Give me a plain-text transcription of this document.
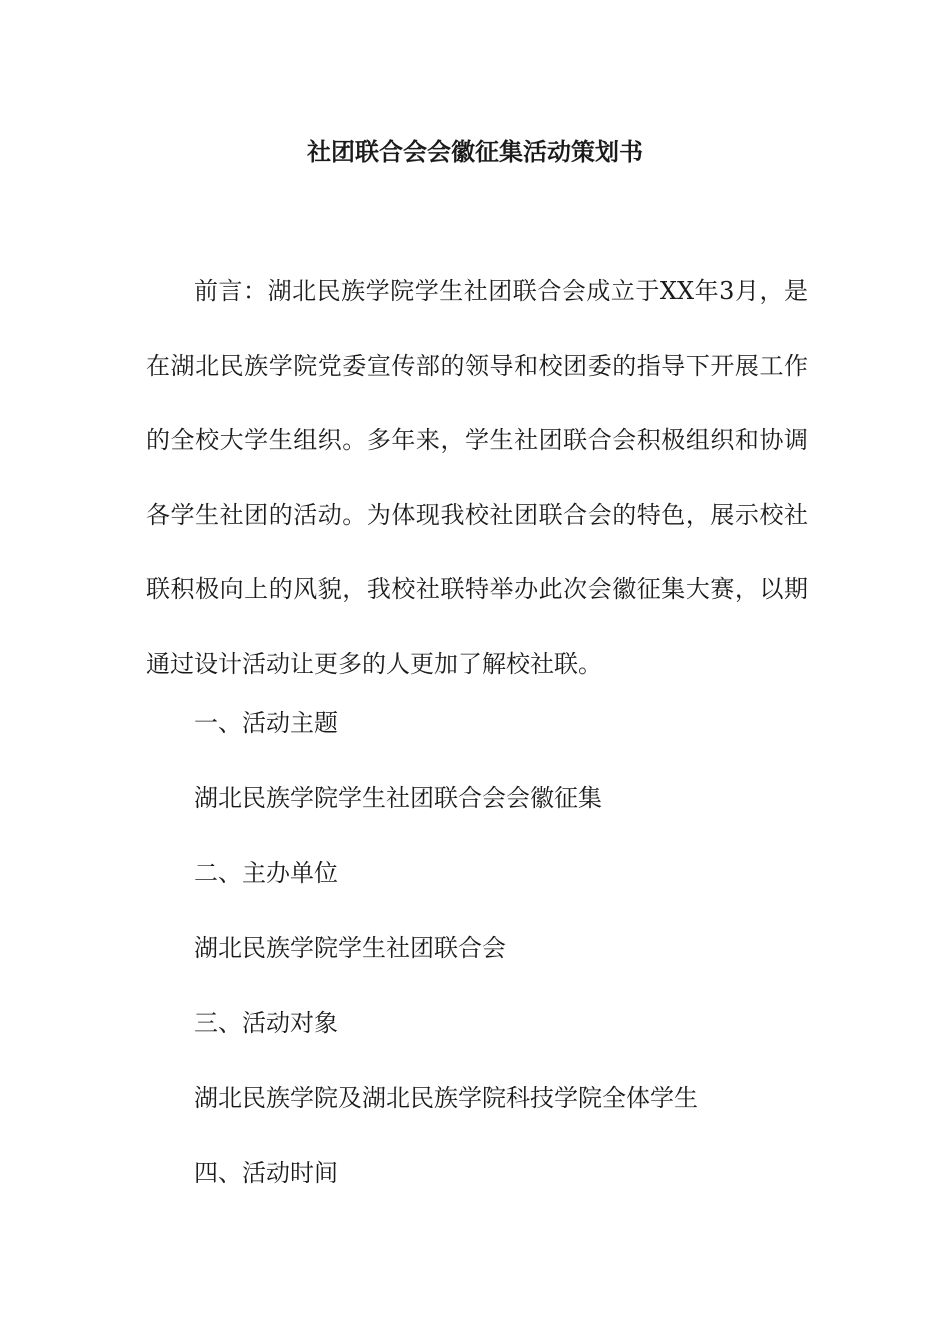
社团联合会会徽征集活动策划书

前言：湖北民族学院学生社团联合会成立于XX年3月，是在湖北民族学院党委宣传部的领导和校团委的指导下开展工作的全校大学生组织。多年来，学生社团联合会积极组织和协调各学生社团的活动。为体现我校社团联合会的特色，展示校社联积极向上的风貌，我校社联特举办此次会徽征集大赛，以期通过设计活动让更多的人更加了解校社联。

一、活动主题

湖北民族学院学生社团联合会会徽征集

二、主办单位

湖北民族学院学生社团联合会

三、活动对象

湖北民族学院及湖北民族学院科技学院全体学生

四、活动时间
